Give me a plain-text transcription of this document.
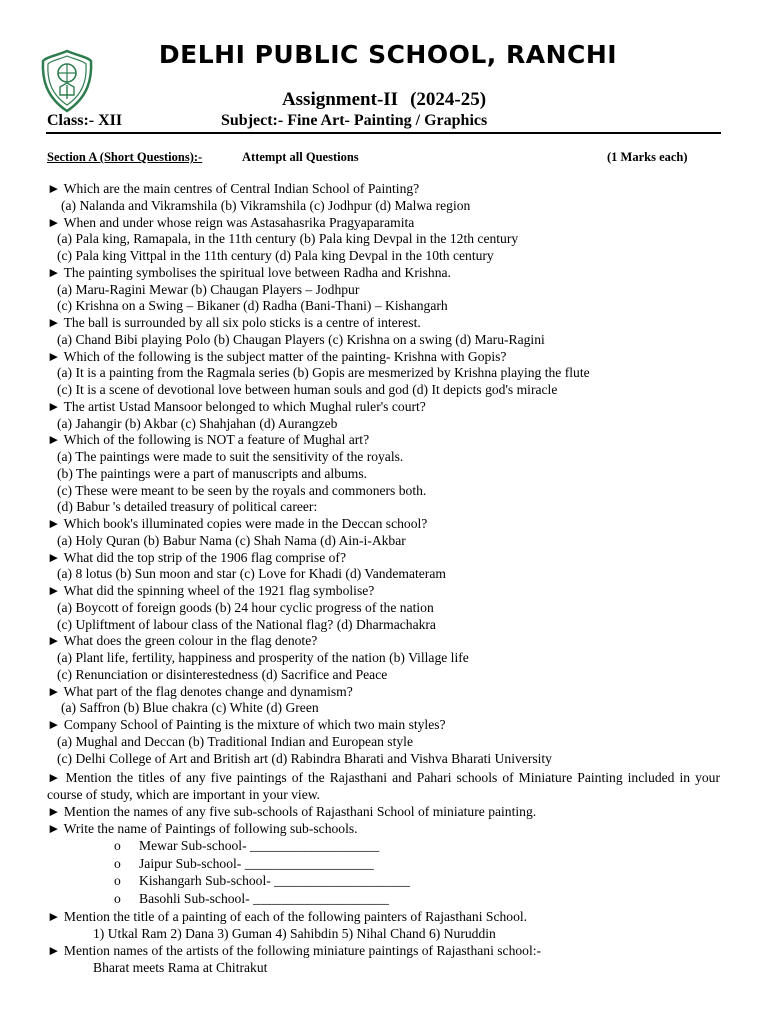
DELHI PUBLIC SCHOOL, RANCHI
Assignment-II (2024-25)
Class:- XII	Subject:- Fine Art- Painting / Graphics
Section A (Short Questions):-	Attempt all Questions	(1 Marks each)
► Which are the main centres of Central Indian School of Painting?
(a) Nalanda and Vikramshila (b) Vikramshila (c) Jodhpur (d) Malwa region
► When and under whose reign was Astasahasrika Pragyaparamita
(a) Pala king, Ramapala, in the 11th century (b) Pala king Devpal in the 12th century
(c) Pala king Vittpal in the 11th century (d) Pala king Devpal in the 10th century
► The painting symbolises the spiritual love between Radha and Krishna.
(a) Maru-Ragini Mewar (b) Chaugan Players – Jodhpur
(c) Krishna on a Swing – Bikaner (d) Radha (Bani-Thani) – Kishangarh
► The ball is surrounded by all six polo sticks is a centre of interest.
(a) Chand Bibi playing Polo (b) Chaugan Players (c) Krishna on a swing (d) Maru-Ragini
► Which of the following is the subject matter of the painting- Krishna with Gopis?
(a) It is a painting from the Ragmala series (b) Gopis are mesmerized by Krishna playing the flute
(c) It is a scene of devotional love between human souls and god (d) It depicts god's miracle
► The artist Ustad Mansoor belonged to which Mughal ruler's court?
(a) Jahangir (b) Akbar (c) Shahjahan (d) Aurangzeb
► Which of the following is NOT a feature of Mughal art?
(a) The paintings were made to suit the sensitivity of the royals.
(b) The paintings were a part of manuscripts and albums.
(c) These were meant to be seen by the royals and commoners both.
(d) Babur 's detailed treasury of political career:
► Which book's illuminated copies were made in the Deccan school?
(a) Holy Quran (b) Babur Nama (c) Shah Nama (d) Ain-i-Akbar
► What did the top strip of the 1906 flag comprise of?
(a) 8 lotus (b) Sun moon and star (c) Love for Khadi (d) Vandemateram
► What did the spinning wheel of the 1921 flag symbolise?
(a) Boycott of foreign goods (b) 24 hour cyclic progress of the nation
(c) Upliftment of labour class of the National flag? (d) Dharmachakra
► What does the green colour in the flag denote?
(a) Plant life, fertility, happiness and prosperity of the nation (b) Village life
(c) Renunciation or disinterestedness (d) Sacrifice and Peace
► What part of the flag denotes change and dynamism?
(a) Saffron (b) Blue chakra (c) White (d) Green
► Company School of Painting is the mixture of which two main styles?
(a) Mughal and Deccan (b) Traditional Indian and European style
(c) Delhi College of Art and British art (d) Rabindra Bharati and Vishva Bharati University
► Mention the titles of any five paintings of the Rajasthani and Pahari schools of Miniature Painting included in your course of study, which are important in your view.
► Mention the names of any five sub-schools of Rajasthani School of miniature painting.
► Write the name of Paintings of following sub-schools.
o Mewar Sub-school- ___________________
o Jaipur Sub-school- ___________________
o Kishangarh Sub-school- ____________________
o Basohli Sub-school- ____________________
► Mention the title of a painting of each of the following painters of Rajasthani School.
1) Utkal Ram 2) Dana 3) Guman 4) Sahibdin 5) Nihal Chand 6) Nuruddin
► Mention names of the artists of the following miniature paintings of Rajasthani school:-
Bharat meets Rama at Chitrakut
